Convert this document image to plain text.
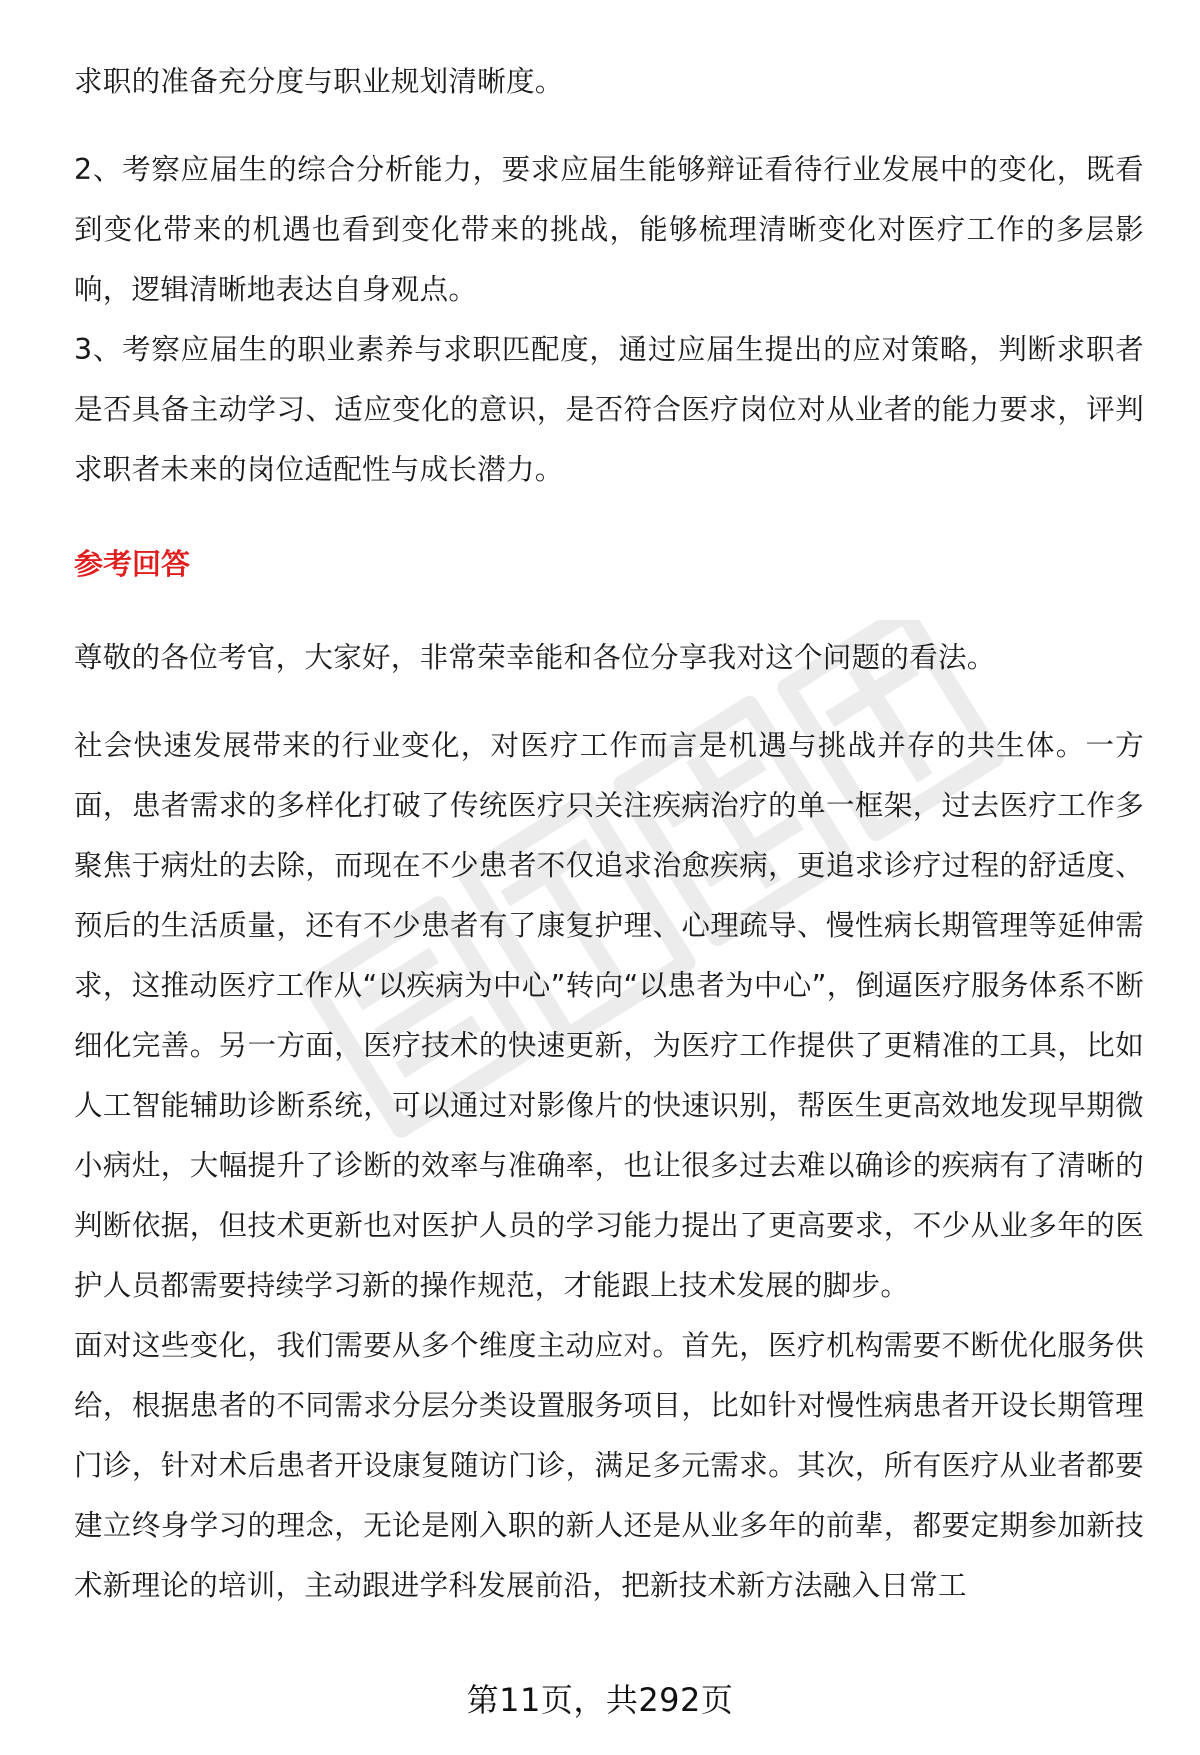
求职的准备充分度与职业规划清晰度。

2、考察应届生的综合分析能力，要求应届生能够辩证看待行业发展中的变化，既看到变化带来的机遇也看到变化带来的挑战，能够梳理清晰变化对医疗工作的多层影响，逻辑清晰地表达自身观点。

3、考察应届生的职业素养与求职匹配度，通过应届生提出的应对策略，判断求职者是否具备主动学习、适应变化的意识，是否符合医疗岗位对从业者的能力要求，评判求职者未来的岗位适配性与成长潜力。

参考回答

尊敬的各位考官，大家好，非常荣幸能和各位分享我对这个问题的看法。

社会快速发展带来的行业变化，对医疗工作而言是机遇与挑战并存的共生体。一方面，患者需求的多样化打破了传统医疗只关注疾病治疗的单一框架，过去医疗工作多聚焦于病灶的去除，而现在不少患者不仅追求治愈疾病，更追求诊疗过程的舒适度、预后的生活质量，还有不少患者有了康复护理、心理疏导、慢性病长期管理等延伸需求，这推动医疗工作从“以疾病为中心”转向“以患者为中心”，倒逼医疗服务体系不断细化完善。另一方面，医疗技术的快速更新，为医疗工作提供了更精准的工具，比如人工智能辅助诊断系统，可以通过对影像片的快速识别，帮医生更高效地发现早期微小病灶，大幅提升了诊断的效率与准确率，也让很多过去难以确诊的疾病有了清晰的判断依据，但技术更新也对医护人员的学习能力提出了更高要求，不少从业多年的医护人员都需要持续学习新的操作规范，才能跟上技术发展的脚步。

面对这些变化，我们需要从多个维度主动应对。首先，医疗机构需要不断优化服务供给，根据患者的不同需求分层分类设置服务项目，比如针对慢性病患者开设长期管理门诊，针对术后患者开设康复随访门诊，满足多元需求。其次，所有医疗从业者都要建立终身学习的理念，无论是刚入职的新人还是从业多年的前辈，都要定期参加新技术新理论的培训，主动跟进学科发展前沿，把新技术新方法融入日常工

第11页，共292页
